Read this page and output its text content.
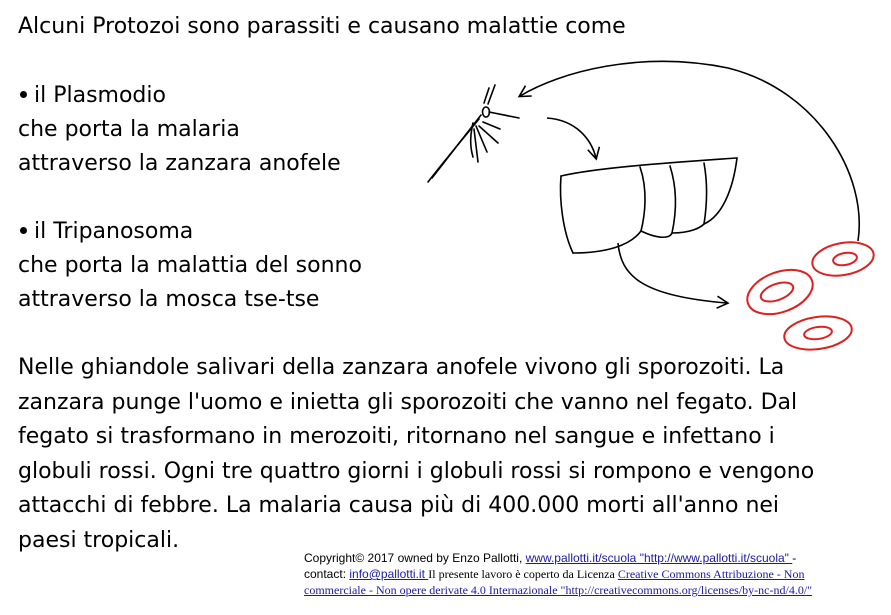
Alcuni Protozoi sono parassiti e causano malattie come
il Plasmodio
che porta la malaria
attraverso la zanzara anofele
il Tripanosoma
che porta la malattia del sonno
attraverso la mosca tse-tse
Nelle ghiandole salivari della zanzara anofele vivono gli sporozoiti. La
zanzara punge l'uomo e inietta gli sporozoiti che vanno nel fegato. Dal
fegato si trasformano in merozoiti, ritornano nel sangue e infettano i
globuli rossi. Ogni tre quattro giorni i globuli rossi si rompono e vengono
attacchi di febbre. La malaria causa più di 400.000 morti all'anno nei
paesi tropicali.
Copyright© 2017 owned by Enzo Pallotti, www.pallotti.it/scuola "http://www.pallotti.it/scuola" -
contact: info@pallotti.it Il presente lavoro è coperto da Licenza Creative Commons Attribuzione - Non
commerciale - Non opere derivate 4.0 Internazionale "http://creativecommons.org/licenses/by-nc-nd/4.0/"
